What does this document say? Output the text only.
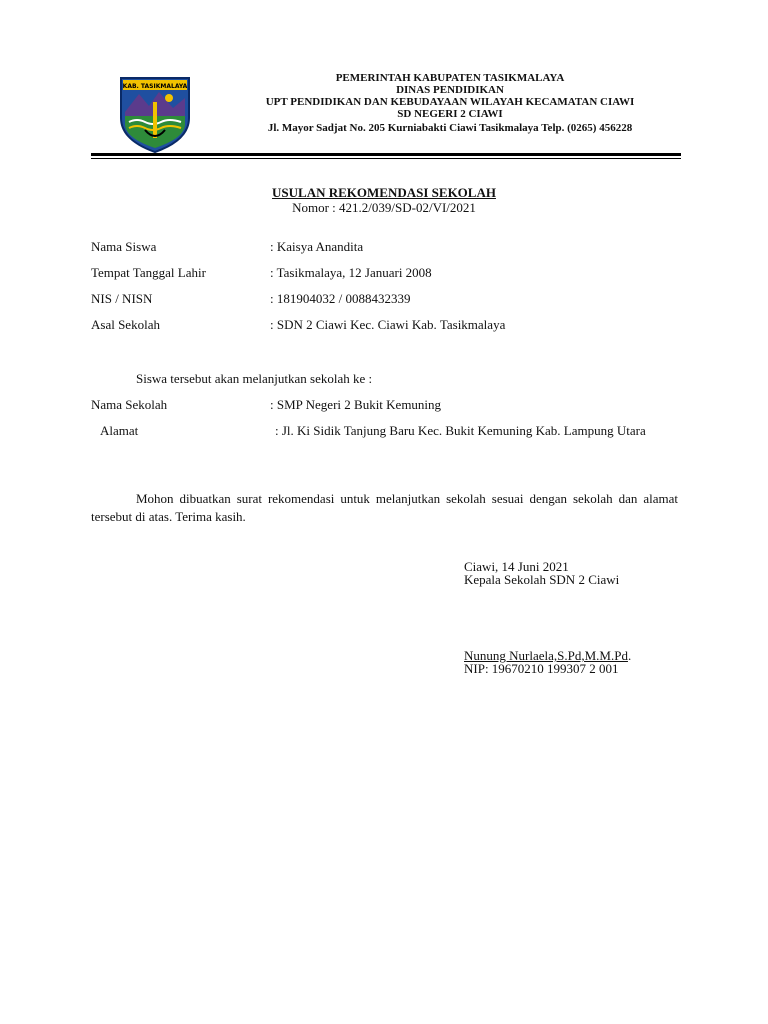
KAB. TASIKMALAYA
PEMERINTAH KABUPATEN TASIKMALAYA
DINAS PENDIDIKAN
UPT PENDIDIKAN DAN KEBUDAYAAN WILAYAH KECAMATAN CIAWI
SD NEGERI 2 CIAWI
Jl. Mayor Sadjat No. 205 Kurniabakti Ciawi Tasikmalaya Telp. (0265) 456228
USULAN REKOMENDASI SEKOLAH
Nomor : 421.2/039/SD-02/VI/2021
Nama Siswa	: Kaisya Anandita
Tempat Tanggal Lahir	: Tasikmalaya, 12 Januari 2008
NIS / NISN	: 181904032 / 0088432339
Asal Sekolah	: SDN 2 Ciawi Kec. Ciawi Kab. Tasikmalaya
Siswa tersebut akan melanjutkan sekolah ke :
Nama Sekolah	: SMP Negeri 2 Bukit Kemuning
Alamat	: Jl. Ki Sidik Tanjung Baru Kec. Bukit Kemuning Kab. Lampung Utara
Mohon dibuatkan surat rekomendasi untuk melanjutkan sekolah sesuai dengan sekolah dan alamat tersebut di atas. Terima kasih.
Ciawi, 14 Juni 2021
Kepala Sekolah SDN 2 Ciawi
Nunung Nurlaela,S.Pd,M.M.Pd.
NIP: 19670210 199307 2 001
